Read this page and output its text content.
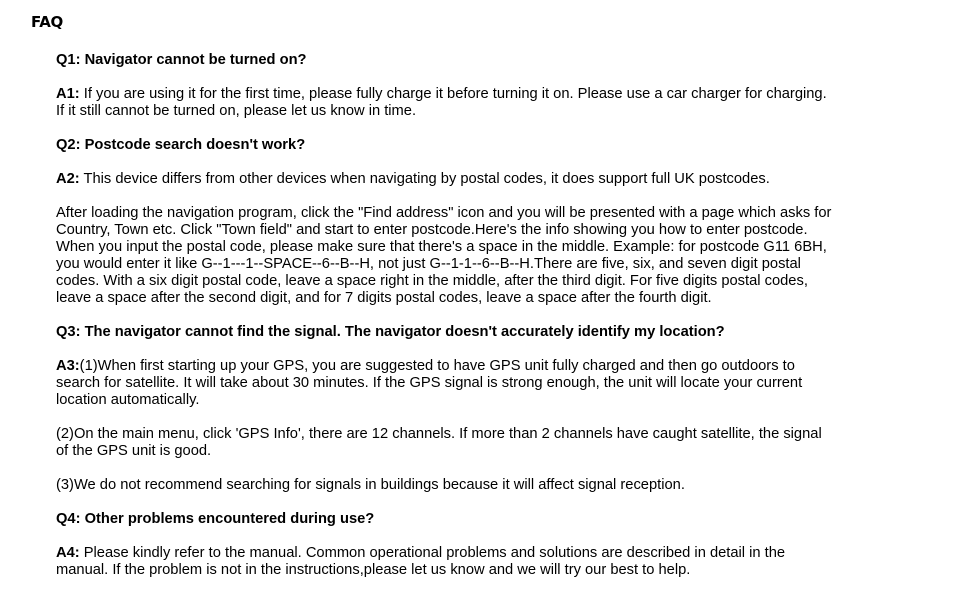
FAQ

Q1: Navigator cannot be turned on?

A1: If you are using it for the first time, please fully charge it before turning it on. Please use a car charger for charging.
If it still cannot be turned on, please let us know in time.

Q2: Postcode search doesn't work?

A2: This device differs from other devices when navigating by postal codes, it does support full UK postcodes.

After loading the navigation program, click the "Find address" icon and you will be presented with a page which asks for
Country, Town etc. Click "Town field" and start to enter postcode.Here's the info showing you how to enter postcode.
When you input the postal code, please make sure that there's a space in the middle. Example: for postcode G11 6BH,
you would enter it like G--1---1--SPACE--6--B--H, not just G--1-1--6--B--H.There are five, six, and seven digit postal
codes. With a six digit postal code, leave a space right in the middle, after the third digit. For five digits postal codes,
leave a space after the second digit, and for 7 digits postal codes, leave a space after the fourth digit.

Q3: The navigator cannot find the signal. The navigator doesn't accurately identify my location?

A3:(1)When first starting up your GPS, you are suggested to have GPS unit fully charged and then go outdoors to
search for satellite. It will take about 30 minutes. If the GPS signal is strong enough, the unit will locate your current
location automatically.

(2)On the main menu, click 'GPS Info', there are 12 channels. If more than 2 channels have caught satellite, the signal
of the GPS unit is good.

(3)We do not recommend searching for signals in buildings because it will affect signal reception.

Q4: Other problems encountered during use?

A4: Please kindly refer to the manual. Common operational problems and solutions are described in detail in the
manual. If the problem is not in the instructions,please let us know and we will try our best to help.
